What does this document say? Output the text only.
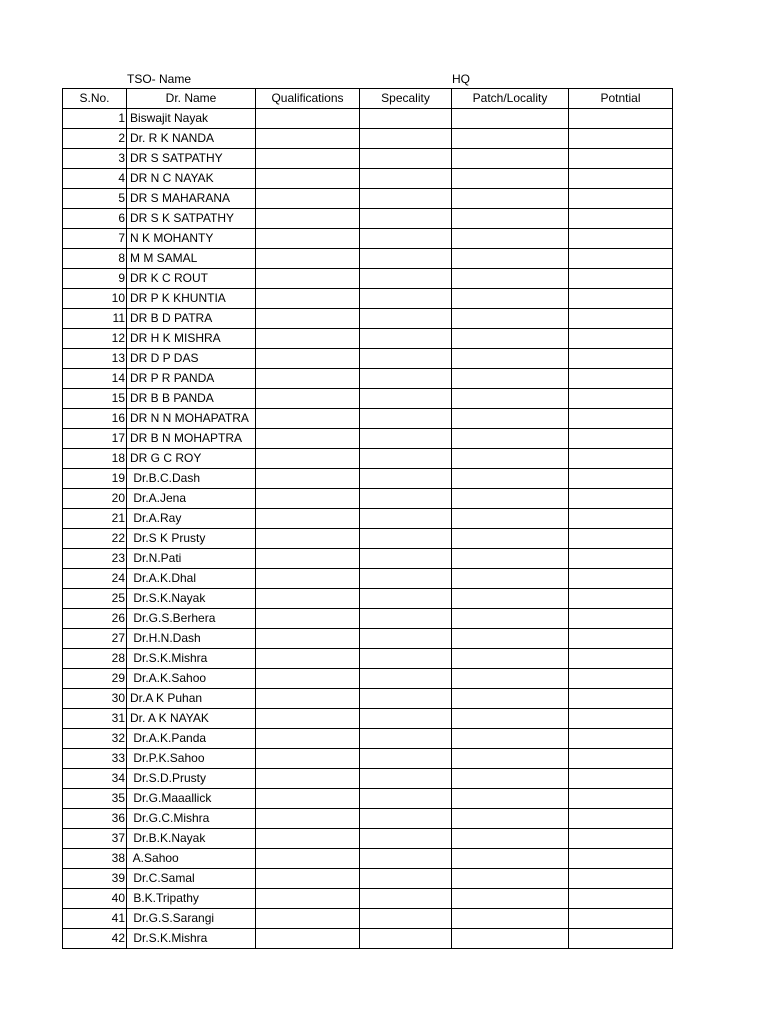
TSO- Name	HQ
S.No.	Dr. Name	Qualifications	Specality	Patch/Locality	Potntial
1	Biswajit Nayak				
2	Dr. R K NANDA				
3	DR S SATPATHY				
4	DR N C NAYAK				
5	DR S MAHARANA				
6	DR S K SATPATHY				
7	N K MOHANTY				
8	M M SAMAL				
9	DR K C ROUT				
10	DR P K KHUNTIA				
11	DR B D PATRA				
12	DR H K MISHRA				
13	DR D P DAS				
14	DR P R PANDA				
15	DR B B PANDA				
16	DR N N MOHAPATRA				
17	DR B N MOHAPTRA				
18	DR G C ROY				
19	Dr.B.C.Dash				
20	Dr.A.Jena				
21	Dr.A.Ray				
22	Dr.S K Prusty				
23	Dr.N.Pati				
24	Dr.A.K.Dhal				
25	Dr.S.K.Nayak				
26	Dr.G.S.Berhera				
27	Dr.H.N.Dash				
28	Dr.S.K.Mishra				
29	Dr.A.K.Sahoo				
30	Dr.A K Puhan				
31	Dr. A K NAYAK				
32	Dr.A.K.Panda				
33	Dr.P.K.Sahoo				
34	Dr.S.D.Prusty				
35	Dr.G.Maaallick				
36	Dr.G.C.Mishra				
37	Dr.B.K.Nayak				
38	A.Sahoo				
39	Dr.C.Samal				
40	B.K.Tripathy				
41	Dr.G.S.Sarangi				
42	Dr.S.K.Mishra				
